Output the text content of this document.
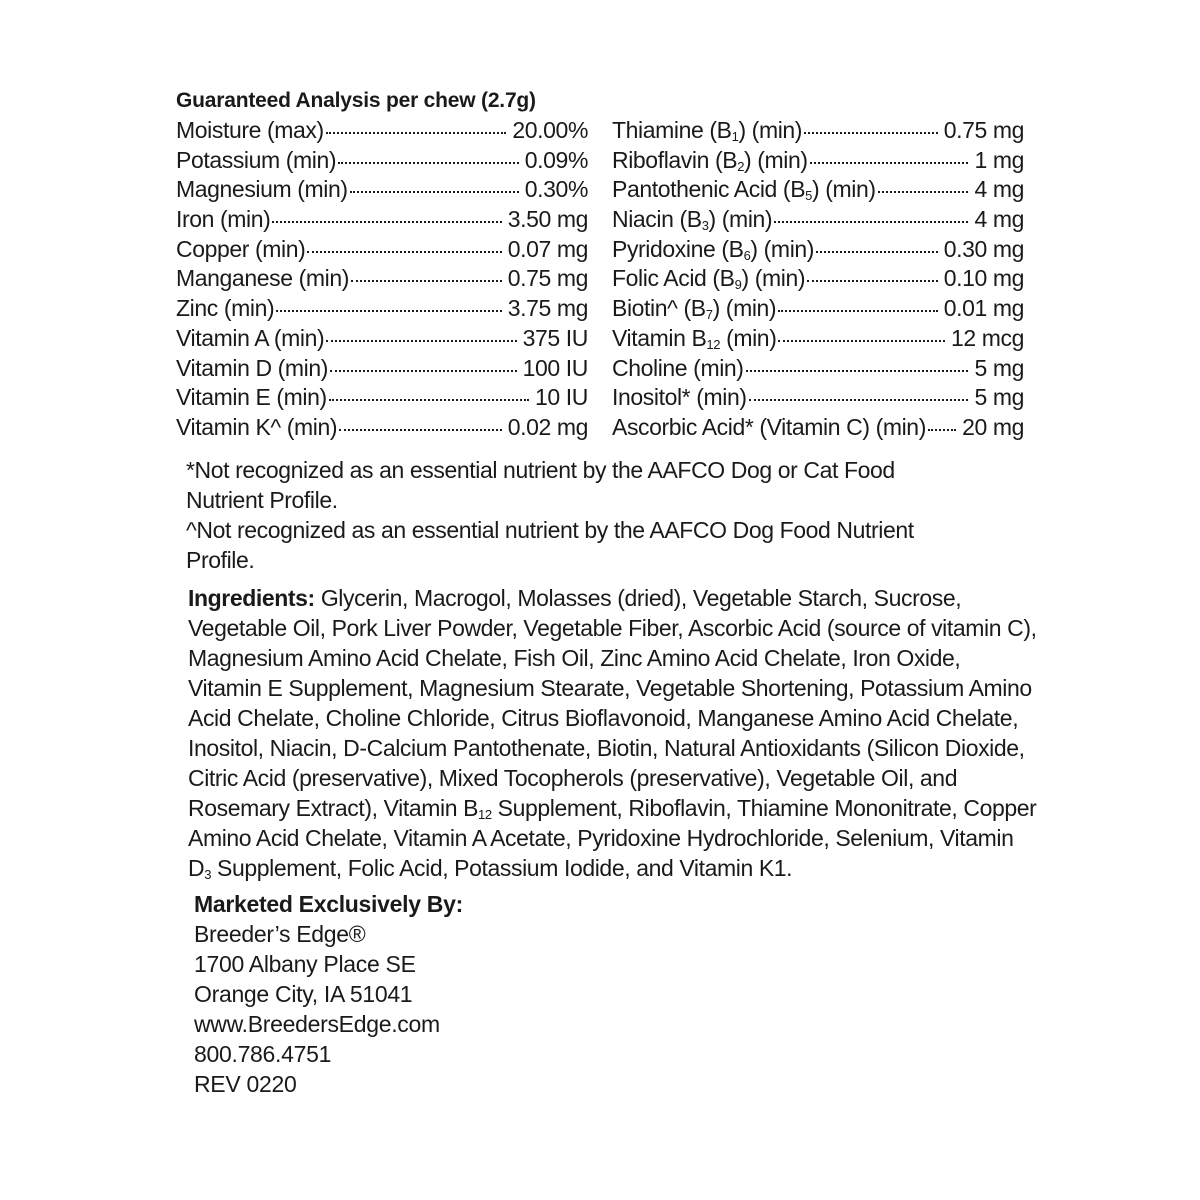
Guaranteed Analysis per chew (2.7g)
Moisture (max)	20.00%
Potassium (min)	0.09%
Magnesium (min)	0.30%
Iron (min)	3.50 mg
Copper (min)	0.07 mg
Manganese (min)	0.75 mg
Zinc (min)	3.75 mg
Vitamin A (min)	375 IU
Vitamin D (min)	100 IU
Vitamin E (min)	10 IU
Vitamin K^ (min)	0.02 mg
Thiamine $(B_1)$ (min)	0.75 mg
Riboflavin $(B_2)$ (min)	1 mg
Pantothenic Acid $(B_5)$ (min)	4 mg
Niacin $(B_3)$ (min)	4 mg
Pyridoxine $(B_6)$ (min)	0.30 mg
Folic Acid $(B_9)$ (min)	0.10 mg
Biotin^ $(B_7)$ (min)	0.01 mg
Vitamin $B_{12}$ (min)	12 mcg
Choline (min)	5 mg
Inositol* (min)	5 mg
Ascorbic Acid* (Vitamin C) (min) 20 mg
*Not recognized as an essential nutrient by the AAFCO Dog or Cat Food Nutrient Profile.
^Not recognized as an essential nutrient by the AAFCO Dog Food Nutrient Profile.
Ingredients: Glycerin, Macrogol, Molasses (dried), Vegetable Starch, Sucrose, Vegetable Oil, Pork Liver Powder, Vegetable Fiber, Ascorbic Acid (source of vitamin C), Magnesium Amino Acid Chelate, Fish Oil, Zinc Amino Acid Chelate, Iron Oxide, Vitamin E Supplement, Magnesium Stearate, Vegetable Shortening, Potassium Amino Acid Chelate, Choline Chloride, Citrus Bioflavonoid, Manganese Amino Acid Chelate, Inositol, Niacin, D-Calcium Pantothenate, Biotin, Natural Antioxidants (Silicon Dioxide, Citric Acid (preservative), Mixed Tocopherols (preservative), Vegetable Oil, and Rosemary Extract), Vitamin $B_{12}$ Supplement, Riboflavin, Thiamine Mononitrate, Copper Amino Acid Chelate, Vitamin A Acetate, Pyridoxine Hydrochloride, Selenium, Vitamin $D_3$ Supplement, Folic Acid, Potassium Iodide, and Vitamin K1.
Marketed Exclusively By:
Breeder’s Edge®
1700 Albany Place SE
Orange City, IA 51041
www.BreedersEdge.com
800.786.4751
REV 0220
